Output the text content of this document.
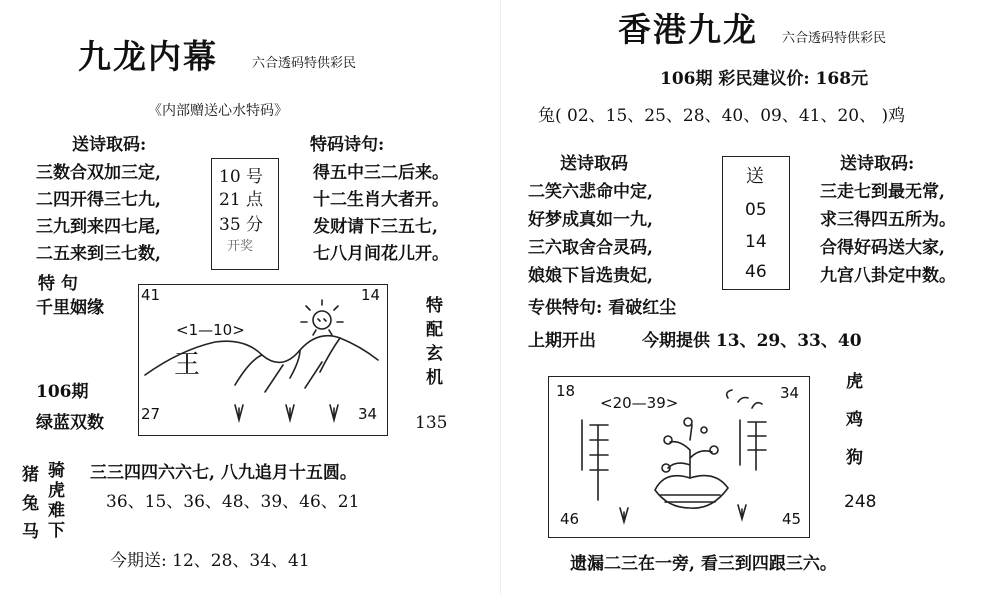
九龙内幕	六合透码特供彩民
《内部赠送心水特码》
送诗取码:
三数合双加三定,
二四开得三七九,
三九到来四七尾,
二五来到三七数,
10 号
21 点
35 分
开奖
特码诗句:
得五中三二后来。
十二生肖大者开。
发财请下三五七,
七八月间花儿开。
特 句
千里姻缘
41	14
27	34
<1—10>
王
特
配
玄
机
106期
绿蓝双数	135
猪
兔
马
骑
虎
难
下
三三四四六六七, 八九追月十五圆。
36、15、36、48、39、46、21
今期送: 12、28、34、41
香港九龙 六合透码特供彩民
106期 彩民建议价: 168元
兔( 02、15、25、28、40、09、41、20、 )鸡
送诗取码
二笑六悲命中定,
好梦成真如一九,
三六取舍合灵码,
娘娘下旨选贵妃,
送
05
14
46
送诗取码:
三走七到最无常,
求三得四五所为。
合得好码送大家,
九宫八卦定中数。
专供特句: 看破红尘
上期开出	今期提供 13、29、33、40
18	34
46	45
<20—39>
虎
鸡
狗
248
遗漏二三在一旁, 看三到四跟三六。
